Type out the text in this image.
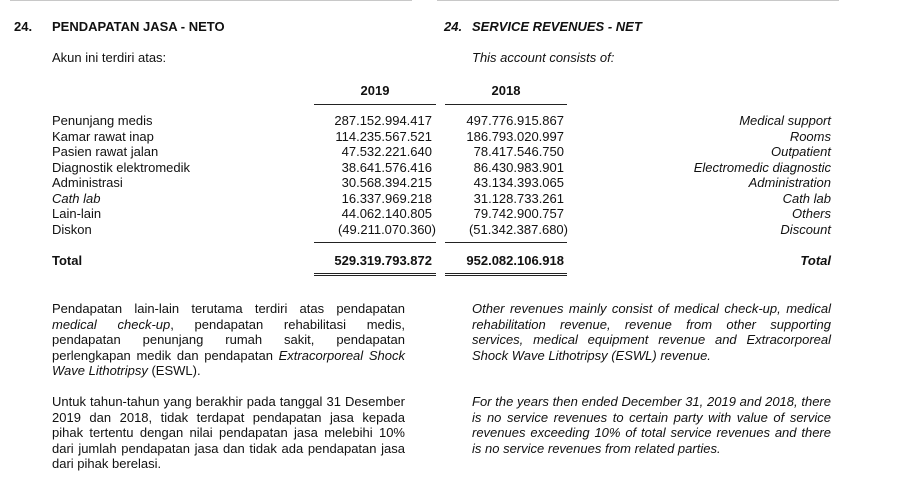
24. PENDAPATAN JASA - NETO	24. SERVICE REVENUES - NET
Akun ini terdiri atas:	This account consists of:
2019	2018
Penunjang medis	287.152.994.417	497.776.915.867	Medical support
Kamar rawat inap	114.235.567.521	186.793.020.997	Rooms
Pasien rawat jalan	47.532.221.640	78.417.546.750	Outpatient
Diagnostik elektromedik	38.641.576.416	86.430.983.901	Electromedic diagnostic
Administrasi	30.568.394.215	43.134.393.065	Administration
Cath lab	16.337.969.218	31.128.733.261	Cath lab
Lain-lain	44.062.140.805	79.742.900.757	Others
Diskon	(49.211.070.360)	(51.342.387.680)	Discount
Total	529.319.793.872	952.082.106.918	Total
Pendapatan lain-lain terutama terdiri atas pendapatan medical check-up, pendapatan rehabilitasi medis, pendapatan penunjang rumah sakit, pendapatan perlengkapan medik dan pendapatan Extracorporeal Shock Wave Lithotripsy (ESWL).
Untuk tahun-tahun yang berakhir pada tanggal 31 Desember 2019 dan 2018, tidak terdapat pendapatan jasa kepada pihak tertentu dengan nilai pendapatan jasa melebihi 10% dari jumlah pendapatan jasa dan tidak ada pendapatan jasa dari pihak berelasi.
Other revenues mainly consist of medical check-up, medical rehabilitation revenue, revenue from other supporting services, medical equipment revenue and Extracorporeal Shock Wave Lithotripsy (ESWL) revenue.
For the years then ended December 31, 2019 and 2018, there is no service revenues to certain party with value of service revenues exceeding 10% of total service revenues and there is no service revenues from related parties.
